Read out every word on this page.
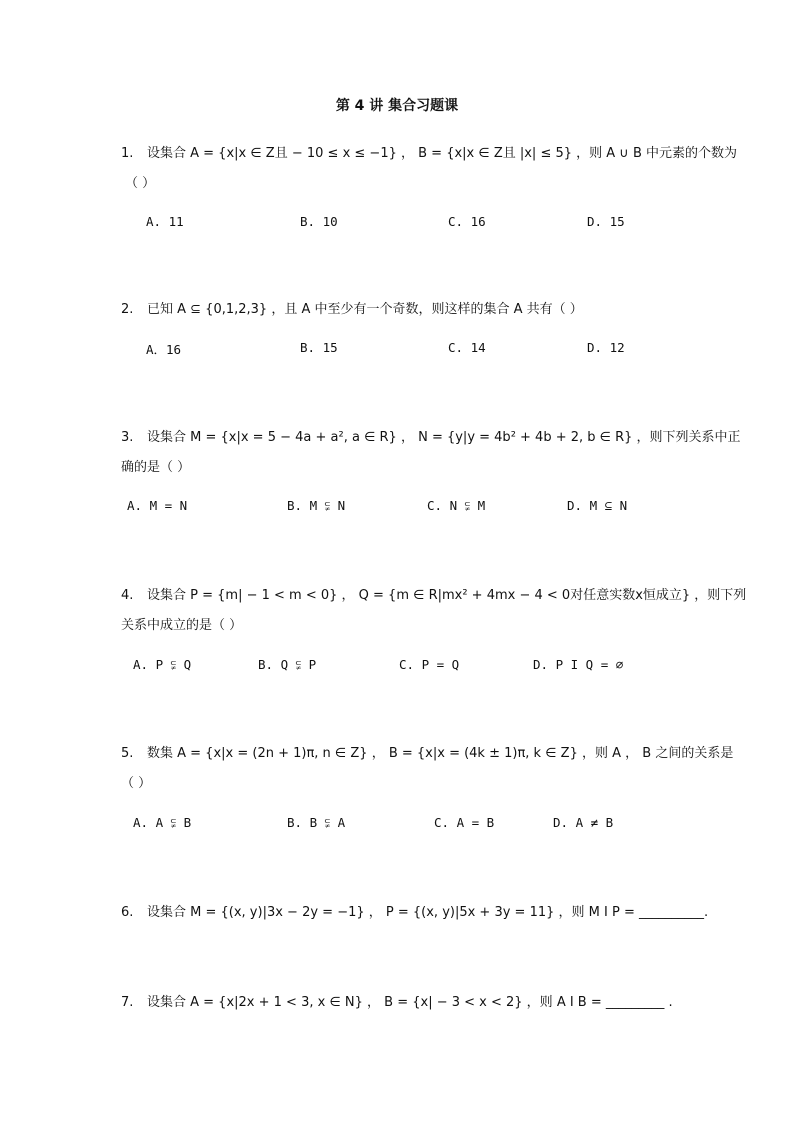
第 4 讲 集合习题课
1. 设集合 A = {x|x ∈ Z且 − 10 ≤ x ≤ −1} ， B = {x|x ∈ Z且 |x| ≤ 5} ，则 A ∪ B 中元素的个数为
（ ）
A. 11	B. 10	C. 16	D. 15
2. 已知 A ⊆ {0,1,2,3} ，且 A 中至少有一个奇数，则这样的集合 A 共有（ ）
A．16	B. 15	C. 14	D. 12
3. 设集合 M = {x|x = 5 − 4a + a², a ∈ R} ， N = {y|y = 4b² + 4b + 2, b ∈ R} ，则下列关系中正
确的是（ ）
A. M = N	B. M ⫋ N	C. N ⫋ M	D. M ⊆ N
4. 设集合 P = {m| − 1 < m < 0} ， Q = {m ∈ R|mx² + 4mx − 4 < 0对任意实数x恒成立} ，则下列
关系中成立的是（ ）
A. P ⫋ Q	B. Q ⫋ P	C. P = Q	D. P I Q = ∅
5. 数集 A = {x|x = (2n + 1)π, n ∈ Z} ， B = {x|x = (4k ± 1)π, k ∈ Z} ，则 A ， B 之间的关系是
（ ）
A. A ⫋ B	B. B ⫋ A	C. A = B	D. A ≠ B
6. 设集合 M = {(x, y)|3x − 2y = −1} ， P = {(x, y)|5x + 3y = 11} ，则 M I P = __________.
7. 设集合 A = {x|2x + 1 < 3, x ∈ N} ， B = {x| − 3 < x < 2} ，则 A I B = _________ .
